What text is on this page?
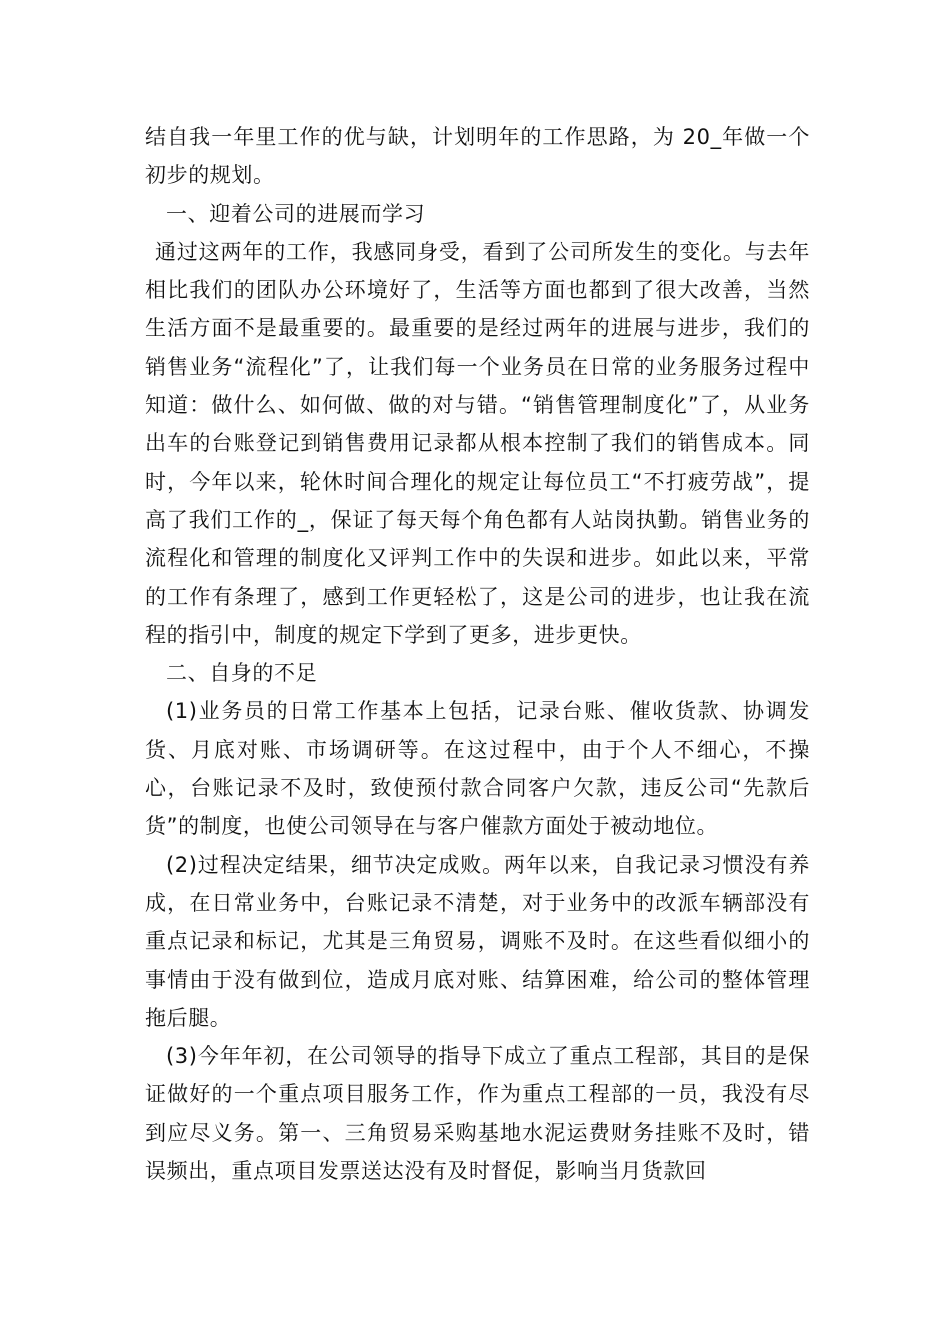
结自我一年里工作的优与缺，计划明年的工作思路，为 20_年做一个初步的规划。

一、迎着公司的进展而学习

通过这两年的工作，我感同身受，看到了公司所发生的变化。与去年相比我们的团队办公环境好了，生活等方面也都到了很大改善，当然生活方面不是最重要的。最重要的是经过两年的进展与进步，我们的销售业务“流程化”了，让我们每一个业务员在日常的业务服务过程中知道：做什么、如何做、做的对与错。“销售管理制度化”了，从业务出车的台账登记到销售费用记录都从根本控制了我们的销售成本。同时，今年以来，轮休时间合理化的规定让每位员工“不打疲劳战”，提高了我们工作的_，保证了每天每个角色都有人站岗执勤。销售业务的流程化和管理的制度化又评判工作中的失误和进步。如此以来，平常的工作有条理了，感到工作更轻松了，这是公司的进步，也让我在流程的指引中，制度的规定下学到了更多，进步更快。

二、自身的不足

(1)业务员的日常工作基本上包括，记录台账、催收货款、协调发货、月底对账、市场调研等。在这过程中，由于个人不细心，不操心，台账记录不及时，致使预付款合同客户欠款，违反公司“先款后货”的制度，也使公司领导在与客户催款方面处于被动地位。

(2)过程决定结果，细节决定成败。两年以来，自我记录习惯没有养成，在日常业务中，台账记录不清楚，对于业务中的改派车辆部没有重点记录和标记，尤其是三角贸易，调账不及时。在这些看似细小的事情由于没有做到位，造成月底对账、结算困难，给公司的整体管理拖后腿。

(3)今年年初，在公司领导的指导下成立了重点工程部，其目的是保证做好的一个重点项目服务工作，作为重点工程部的一员，我没有尽到应尽义务。第一、三角贸易采购基地水泥运费财务挂账不及时，错误频出，重点项目发票送达没有及时督促，影响当月货款回
